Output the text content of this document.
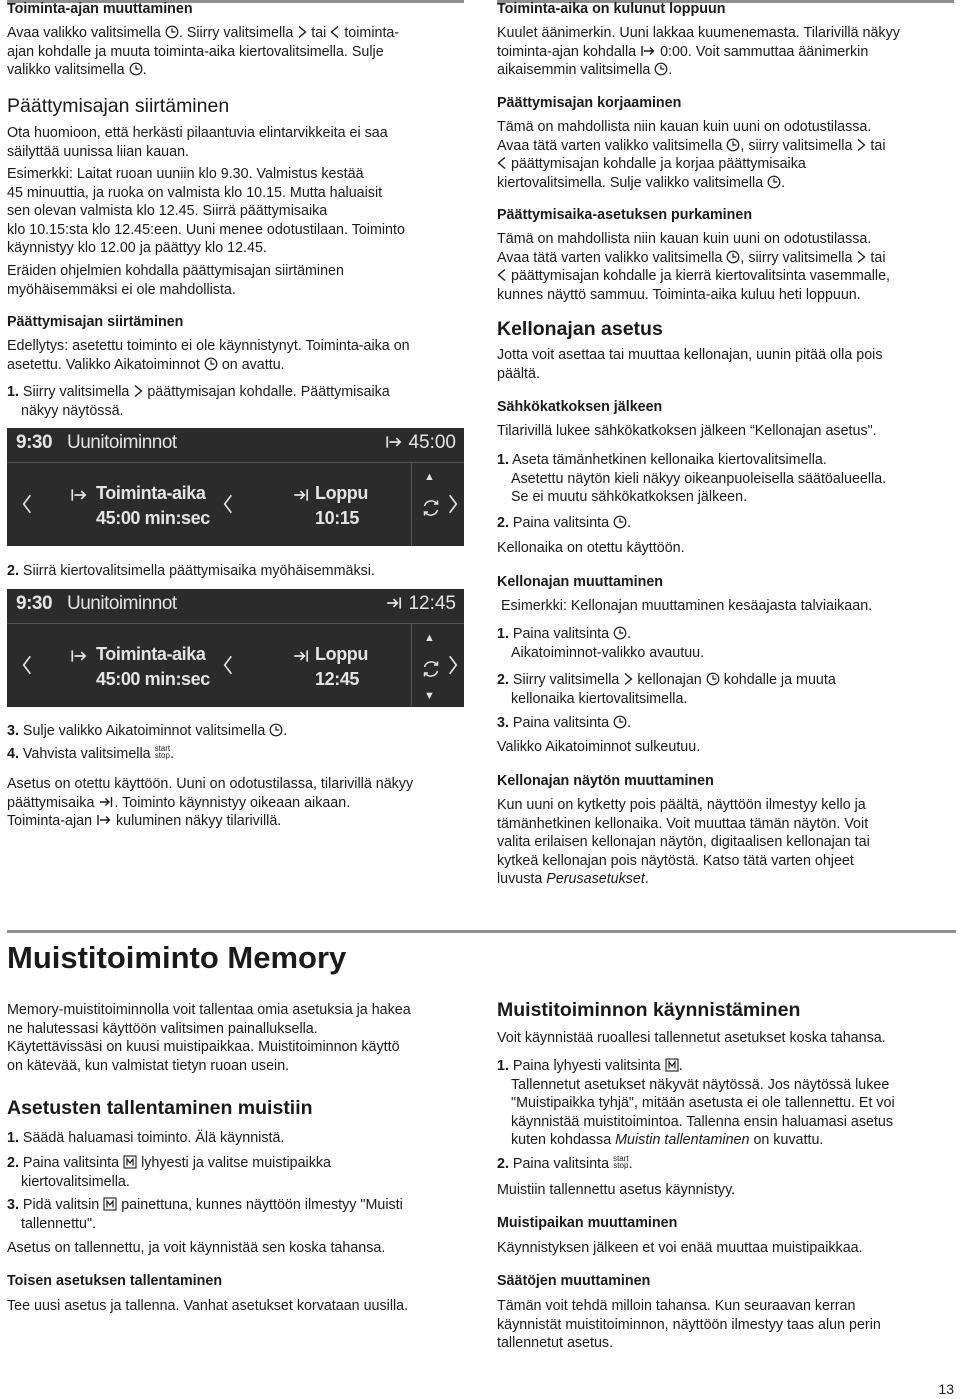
Toiminta-ajan muuttaminen

Avaa valikko valitsimella . Siirry valitsimella tai toiminta-

ajan kohdalle ja muuta toiminta-aika kiertovalitsimella. Sulje

valikko valitsimella .

Päättymisajan siirtäminen

Ota huomioon, että herkästi pilaantuvia elintarvikkeita ei saa

säilyttää uunissa liian kauan.

Esimerkki: Laitat ruoan uuniin klo 9.30. Valmistus kestää

45 minuuttia, ja ruoka on valmista klo 10.15. Mutta haluaisit

sen olevan valmista klo 12.45. Siirrä päättymisaika

klo 10.15:sta klo 12.45:een. Uuni menee odotustilaan. Toiminto

käynnistyy klo 12.00 ja päättyy klo 12.45.

Eräiden ohjelmien kohdalla päättymisajan siirtäminen

myöhäisemmäksi ei ole mahdollista.

Päättymisajan siirtäminen

Edellytys: asetettu toiminto ei ole käynnistynyt. Toiminta-aika on

asetettu. Valikko Aikatoiminnot on avattu.

1. Siirry valitsimella päättymisajan kohdalle. Päättymisaika

näkyy näytössä.

9:30 Uunitoiminnot	45:00
Toiminta-aika
45:00 min:sec
Loppu
10:15
▲

2. Siirrä kiertovalitsimella päättymisaika myöhäisemmäksi.

9:30 Uunitoiminnot	12:45
Toiminta-aika
45:00 min:sec
Loppu
12:45
▲
▼

3. Sulje valikko Aikatoiminnot valitsimella .

4. Vahvista valitsimella start
stop.

Asetus on otettu käyttöön. Uuni on odotustilassa, tilarivillä näkyy

päättymisaika . Toiminto käynnistyy oikeaan aikaan.

Toiminta-ajan kuluminen näkyy tilarivillä.

Toiminta-aika on kulunut loppuun

Kuulet äänimerkin. Uuni lakkaa kuumenemasta. Tilarivillä näkyy

toiminta-ajan kohdalla 0:00. Voit sammuttaa äänimerkin

aikaisemmin valitsimella .

Päättymisajan korjaaminen

Tämä on mahdollista niin kauan kuin uuni on odotustilassa.

Avaa tätä varten valikko valitsimella , siirry valitsimella tai

päättymisajan kohdalle ja korjaa päättymisaika

kiertovalitsimella. Sulje valikko valitsimella .

Päättymisaika-asetuksen purkaminen

Tämä on mahdollista niin kauan kuin uuni on odotustilassa.

Avaa tätä varten valikko valitsimella , siirry valitsimella tai

päättymisajan kohdalle ja kierrä kiertovalitsinta vasemmalle,

kunnes näyttö sammuu. Toiminta-aika kuluu heti loppuun.

Kellonajan asetus

Jotta voit asettaa tai muuttaa kellonajan, uunin pitää olla pois

päältä.

Sähkökatkoksen jälkeen

Tilarivillä lukee sähkökatkoksen jälkeen “Kellonajan asetus".

1. Aseta tämänhetkinen kellonaika kiertovalitsimella.

Asetettu näytön kieli näkyy oikeanpuoleisella säätöalueella.

Se ei muutu sähkökatkoksen jälkeen.

2. Paina valitsinta .

Kellonaika on otettu käyttöön.

Kellonajan muuttaminen

Esimerkki: Kellonajan muuttaminen kesäajasta talviaikaan.

1. Paina valitsinta .

Aikatoiminnot-valikko avautuu.

2. Siirry valitsimella kellonajan kohdalle ja muuta

kellonaika kiertovalitsimella.

3. Paina valitsinta .

Valikko Aikatoiminnot sulkeutuu.

Kellonajan näytön muuttaminen

Kun uuni on kytketty pois päältä, näyttöön ilmestyy kello ja

tämänhetkinen kellonaika. Voit muuttaa tämän näytön. Voit

valita erilaisen kellonajan näytön, digitaalisen kellonajan tai

kytkeä kellonajan pois näytöstä. Katso tätä varten ohjeet

luvusta Perusasetukset.

Muistitoiminto Memory

Memory-muistitoiminnolla voit tallentaa omia asetuksia ja hakea

ne halutessasi käyttöön valitsimen painalluksella.

Käytettävissäsi on kuusi muistipaikkaa. Muistitoiminnon käyttö

on kätevää, kun valmistat tietyn ruoan usein.

Asetusten tallentaminen muistiin

1. Säädä haluamasi toiminto. Älä käynnistä.

2. Paina valitsinta lyhyesti ja valitse muistipaikka

kiertovalitsimella.

3. Pidä valitsin painettuna, kunnes näyttöön ilmestyy "Muisti

tallennettu".

Asetus on tallennettu, ja voit käynnistää sen koska tahansa.

Toisen asetuksen tallentaminen

Tee uusi asetus ja tallenna. Vanhat asetukset korvataan uusilla.

Muistitoiminnon käynnistäminen

Voit käynnistää ruoallesi tallennetut asetukset koska tahansa.

1. Paina lyhyesti valitsinta .

Tallennetut asetukset näkyvät näytössä. Jos näytössä lukee

"Muistipaikka tyhjä", mitään asetusta ei ole tallennettu. Et voi

käynnistää muistitoimintoa. Tallenna ensin haluamasi asetus

kuten kohdassa Muistin tallentaminen on kuvattu.

2. Paina valitsinta start
stop.

Muistiin tallennettu asetus käynnistyy.

Muistipaikan muuttaminen

Käynnistyksen jälkeen et voi enää muuttaa muistipaikkaa.

Säätöjen muuttaminen

Tämän voit tehdä milloin tahansa. Kun seuraavan kerran

käynnistät muistitoiminnon, näyttöön ilmestyy taas alun perin

tallennetut asetus.

13
